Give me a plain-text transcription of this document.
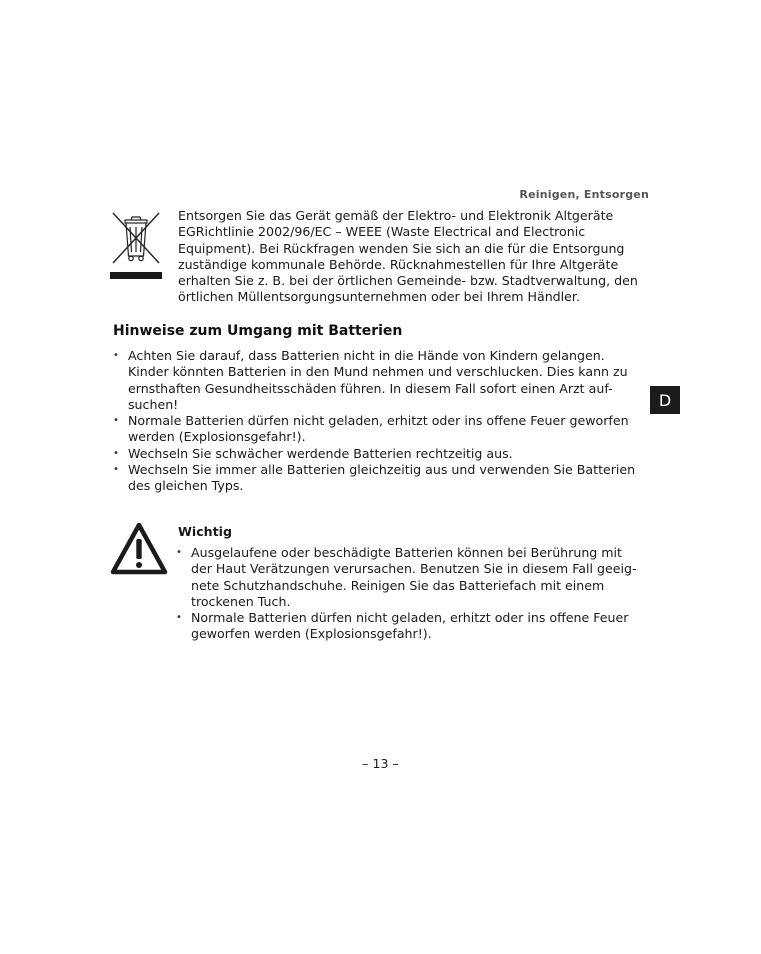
Reinigen, Entsorgen

Entsorgen Sie das Gerät gemäß der Elektro- und Elektronik Altgeräte EGRichtlinie 2002/96/EC – WEEE (Waste Electrical and Electronic Equipment). Bei Rückfragen wenden Sie sich an die für die Entsorgung zuständige kommunale Behörde. Rücknahmestellen für Ihre Altgeräte erhalten Sie z. B. bei der örtlichen Gemeinde- bzw. Stadtverwaltung, den örtlichen Müllentsorgungsunternehmen oder bei Ihrem Händler.

Hinweise zum Umgang mit Batterien
• Achten Sie darauf, dass Batterien nicht in die Hände von Kindern gelangen. Kinder könnten Batterien in den Mund nehmen und verschlucken. Dies kann zu ernsthaften Gesundheitsschäden führen. In diesem Fall sofort einen Arzt auf-suchen!
• Normale Batterien dürfen nicht geladen, erhitzt oder ins offene Feuer geworfen werden (Explosionsgefahr!).
• Wechseln Sie schwächer werdende Batterien rechtzeitig aus.
• Wechseln Sie immer alle Batterien gleichzeitig aus und verwenden Sie Batterien des gleichen Typs.
D
Wichtig
• Ausgelaufene oder beschädigte Batterien können bei Berührung mit der Haut Verätzungen verursachen. Benutzen Sie in diesem Fall geeig-nete Schutzhandschuhe. Reinigen Sie das Batteriefach mit einem trockenen Tuch.
• Normale Batterien dürfen nicht geladen, erhitzt oder ins offene Feuer geworfen werden (Explosionsgefahr!).
– 13 –
